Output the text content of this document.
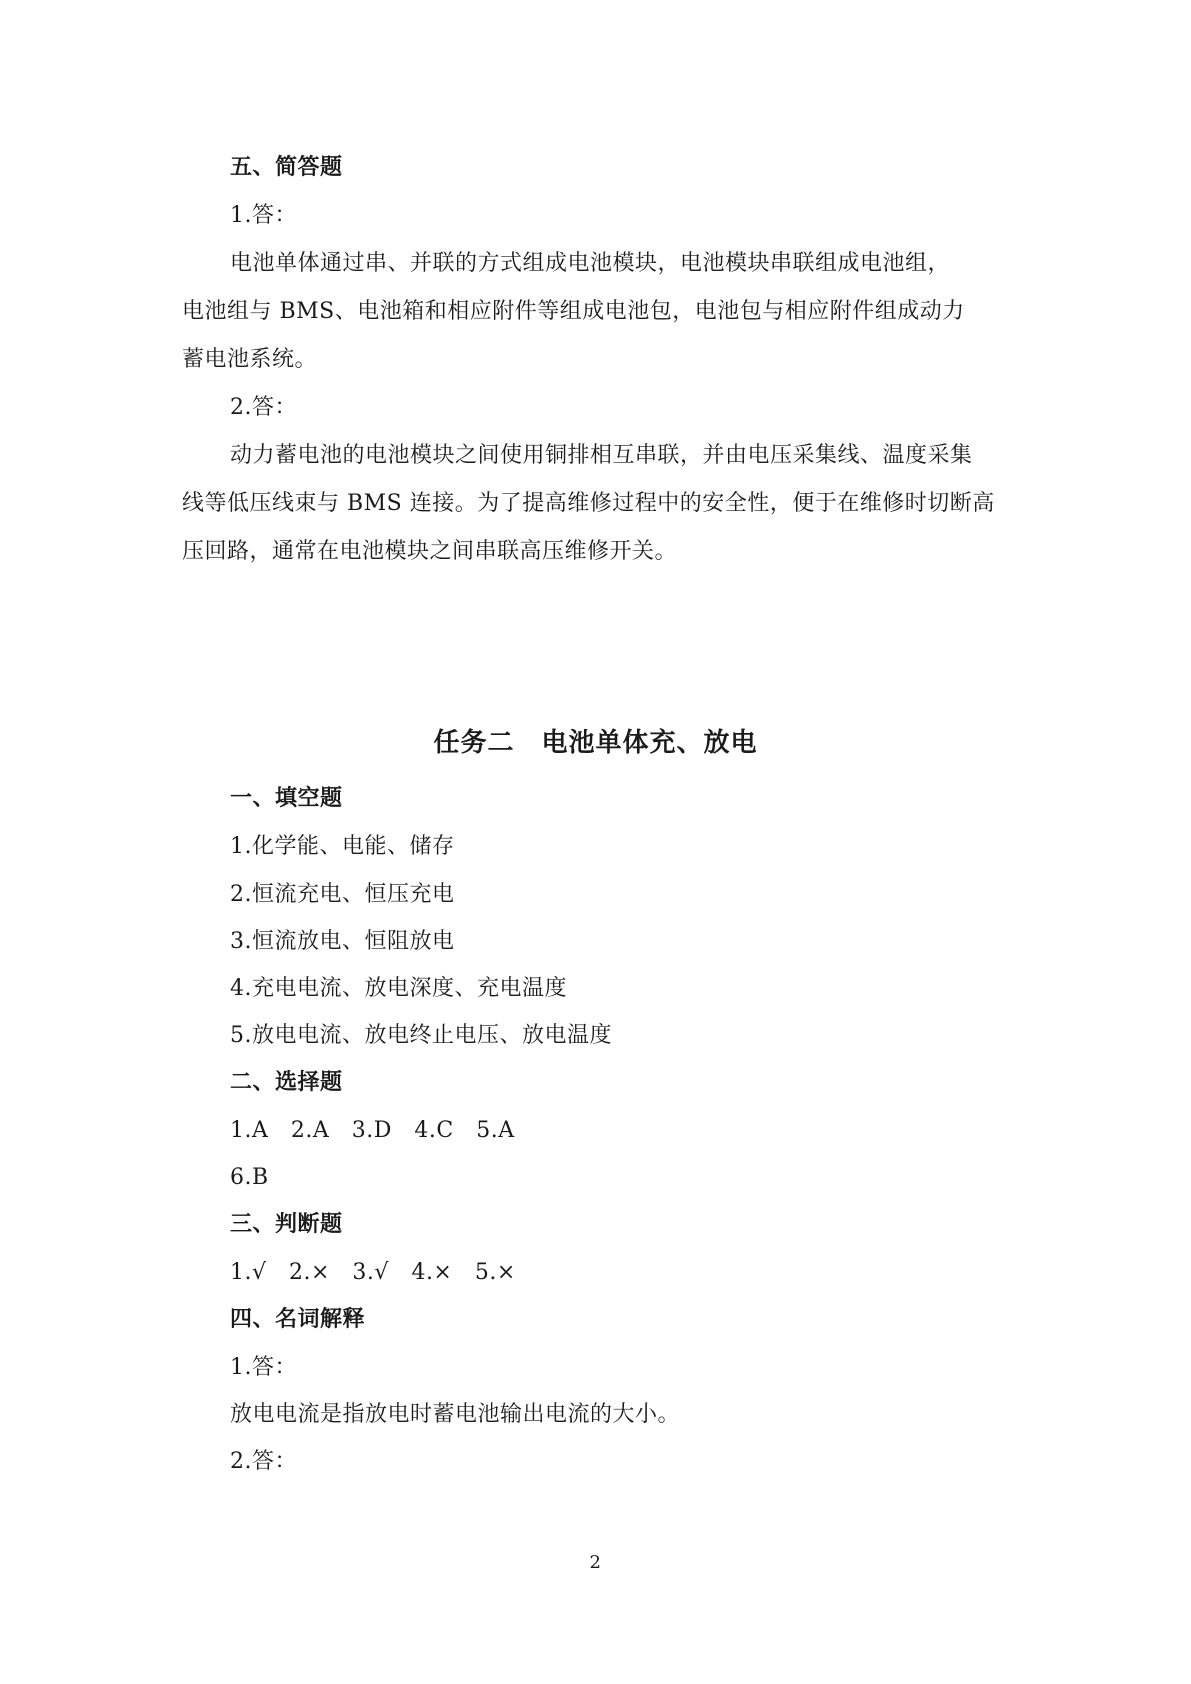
五、简答题
1.答：
电池单体通过串、并联的方式组成电池模块，电池模块串联组成电池组，
电池组与 BMS、电池箱和相应附件等组成电池包，电池包与相应附件组成动力
蓄电池系统。
2.答：
动力蓄电池的电池模块之间使用铜排相互串联，并由电压采集线、温度采集
线等低压线束与 BMS 连接。为了提高维修过程中的安全性，便于在维修时切断高
压回路，通常在电池模块之间串联高压维修开关。
任务二　电池单体充、放电
一、填空题
1.化学能、电能、储存
2.恒流充电、恒压充电
3.恒流放电、恒阻放电
4.充电电流、放电深度、充电温度
5.放电电流、放电终止电压、放电温度
二、选择题
1.A　2.A　3.D　4.C　5.A
6.B
三、判断题
1.√　2.×　3.√　4.×　5.×
四、名词解释
1.答：
放电电流是指放电时蓄电池输出电流的大小。
2.答：
2
